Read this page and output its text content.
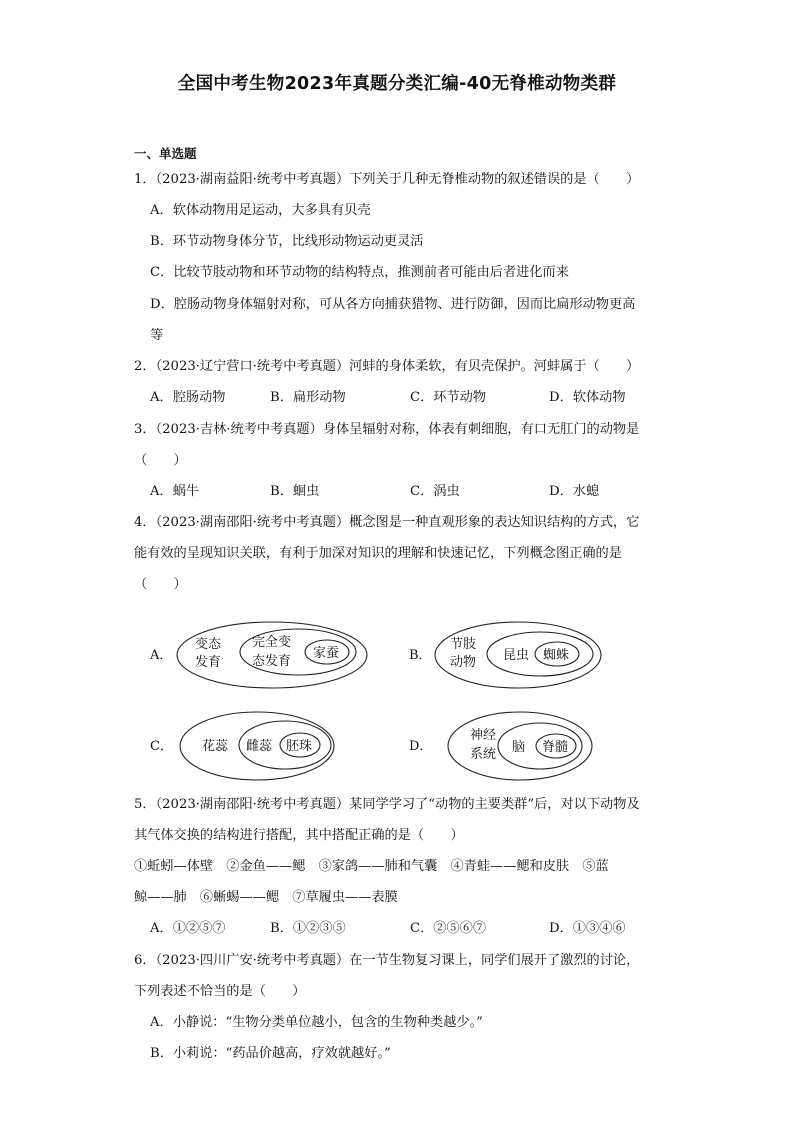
全国中考生物2023年真题分类汇编-40无脊椎动物类群
一、单选题
1．（2023·湖南益阳·统考中考真题）下列关于几种无脊椎动物的叙述错误的是（　　）
A．软体动物用足运动，大多具有贝壳
B．环节动物身体分节，比线形动物运动更灵活
C．比较节肢动物和环节动物的结构特点，推测前者可能由后者进化而来
D．腔肠动物身体辐射对称，可从各方向捕获猎物、进行防御，因而比扁形动物更高
等
2．（2023·辽宁营口·统考中考真题）河蚌的身体柔软，有贝壳保护。河蚌属于（　　）
A．腔肠动物	B．扁形动物	C．环节动物	D．软体动物
3．（2023·吉林·统考中考真题）身体呈辐射对称，体表有刺细胞，有口无肛门的动物是
（　　）
A．蜗牛	B．蛔虫	C．涡虫	D．水螅
4．（2023·湖南邵阳·统考中考真题）概念图是一种直观形象的表达知识结构的方式，它
能有效的呈现知识关联，有利于加深对知识的理解和快速记忆，下列概念图正确的是
（　　）
A．
变态
发育
完全变
态发育
家蚕	B．
节肢
动物 昆虫 蜘蛛
C． 花蕊 雌蕊 胚珠	D．
神经
系统 脑 脊髓
5．（2023·湖南邵阳·统考中考真题）某同学学习了“动物的主要类群”后，对以下动物及
其气体交换的结构进行搭配，其中搭配正确的是（　　）
①蚯蚓—体壁　②金鱼——鳃　③家鸽——肺和气囊　④青蛙——鳃和皮肤　⑤蓝
鲸——肺　⑥蜥蜴——鳃　⑦草履虫——表膜
A．①②⑤⑦	B．①②③⑤	C．②⑤⑥⑦	D．①③④⑥
6．（2023·四川广安·统考中考真题）在一节生物复习课上，同学们展开了激烈的讨论，
下列表述不恰当的是（　　）
A．小静说：“生物分类单位越小，包含的生物种类越少。”
B．小莉说：“药品价越高，疗效就越好。”
